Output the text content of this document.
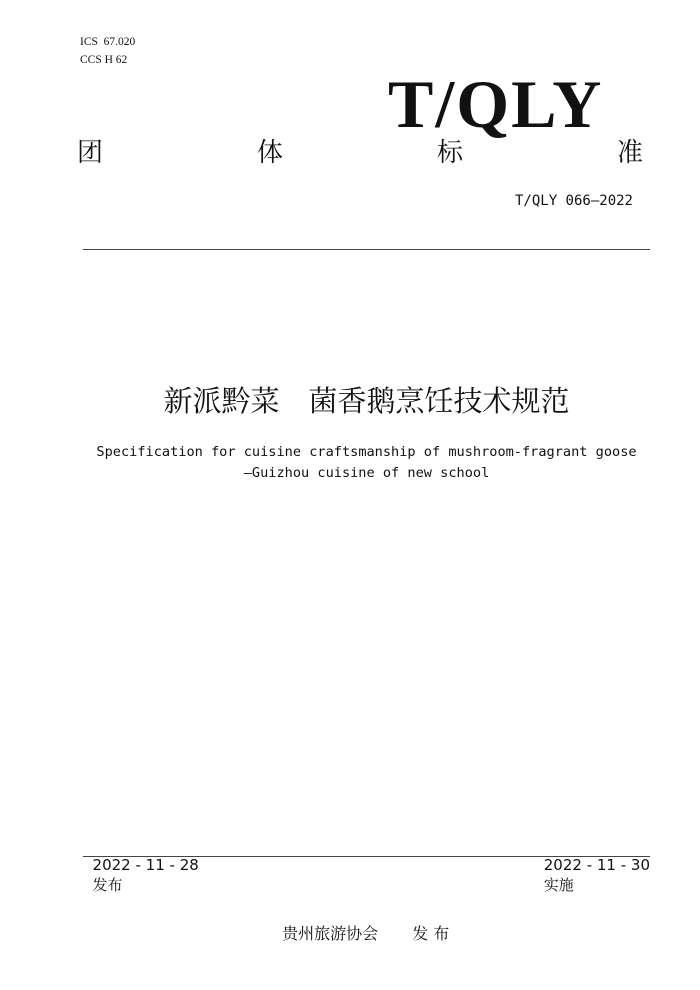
ICS  67.020
CCS H 62
T/QLY
团	体	标	准
T/QLY 066—2022
新派黔菜　菌香鹅烹饪技术规范
Specification for cuisine craftsmanship of mushroom-fragrant goose
—Guizhou cuisine of new school

2022 - 11 - 28
发布

2022 - 11 - 30
实施

贵州旅游协会 发 布
